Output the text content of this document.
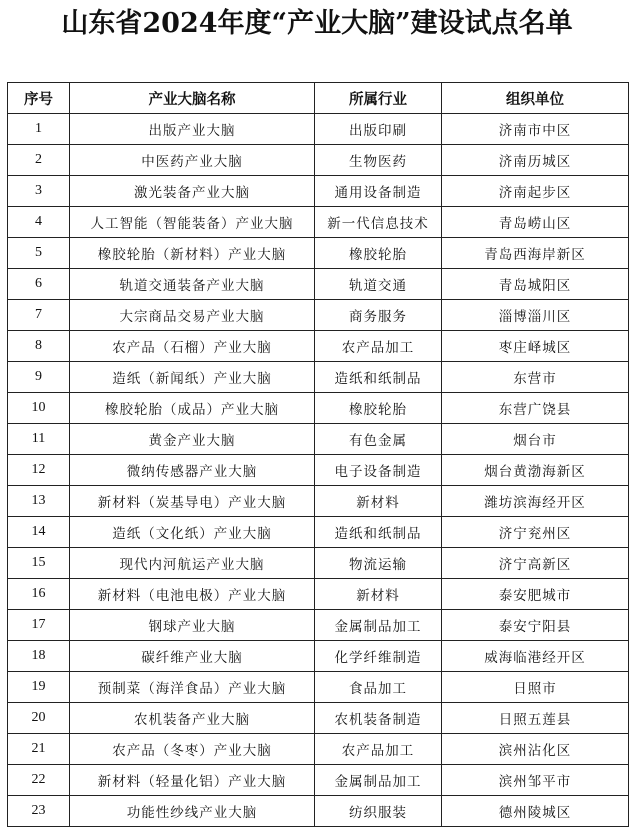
山东省2024年度“产业大脑”建设试点名单
序号	产业大脑名称	所属行业	组织单位
1	出版产业大脑	出版印刷	济南市中区
2	中医药产业大脑	生物医药	济南历城区
3	激光装备产业大脑	通用设备制造	济南起步区
4	人工智能（智能装备）产业大脑	新一代信息技术	青岛崂山区
5	橡胶轮胎（新材料）产业大脑	橡胶轮胎	青岛西海岸新区
6	轨道交通装备产业大脑	轨道交通	青岛城阳区
7	大宗商品交易产业大脑	商务服务	淄博淄川区
8	农产品（石榴）产业大脑	农产品加工	枣庄峄城区
9	造纸（新闻纸）产业大脑	造纸和纸制品	东营市
10	橡胶轮胎（成品）产业大脑	橡胶轮胎	东营广饶县
11	黄金产业大脑	有色金属	烟台市
12	微纳传感器产业大脑	电子设备制造	烟台黄渤海新区
13	新材料（炭基导电）产业大脑	新材料	潍坊滨海经开区
14	造纸（文化纸）产业大脑	造纸和纸制品	济宁兖州区
15	现代内河航运产业大脑	物流运输	济宁高新区
16	新材料（电池电极）产业大脑	新材料	泰安肥城市
17	钢球产业大脑	金属制品加工	泰安宁阳县
18	碳纤维产业大脑	化学纤维制造	威海临港经开区
19	预制菜（海洋食品）产业大脑	食品加工	日照市
20	农机装备产业大脑	农机装备制造	日照五莲县
21	农产品（冬枣）产业大脑	农产品加工	滨州沾化区
22	新材料（轻量化铝）产业大脑	金属制品加工	滨州邹平市
23	功能性纱线产业大脑	纺织服装	德州陵城区
